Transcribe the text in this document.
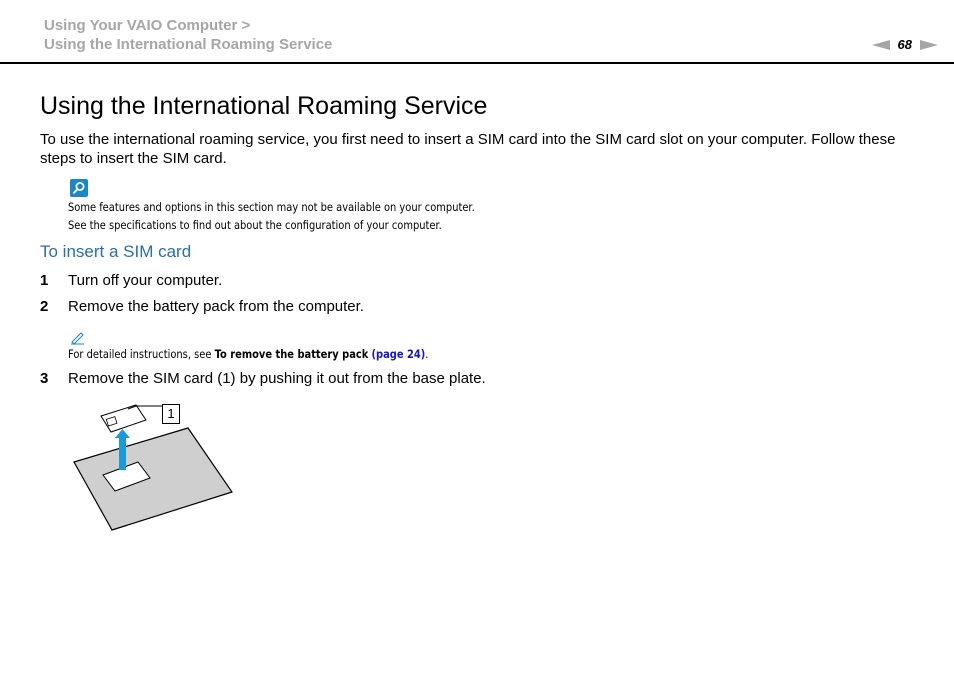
Using Your VAIO Computer >
Using the International Roaming Service	68
Using the International Roaming Service

To use the international roaming service, you first need to insert a SIM card into the SIM card slot on your computer. Follow these steps to insert the SIM card.

Some features and options in this section may not be available on your computer.
See the specifications to find out about the configuration of your computer.
To insert a SIM card
1	Turn off your computer.
2	Remove the battery pack from the computer.
For detailed instructions, see To remove the battery pack (page 24).
3	Remove the SIM card (1) by pushing it out from the base plate.
1
